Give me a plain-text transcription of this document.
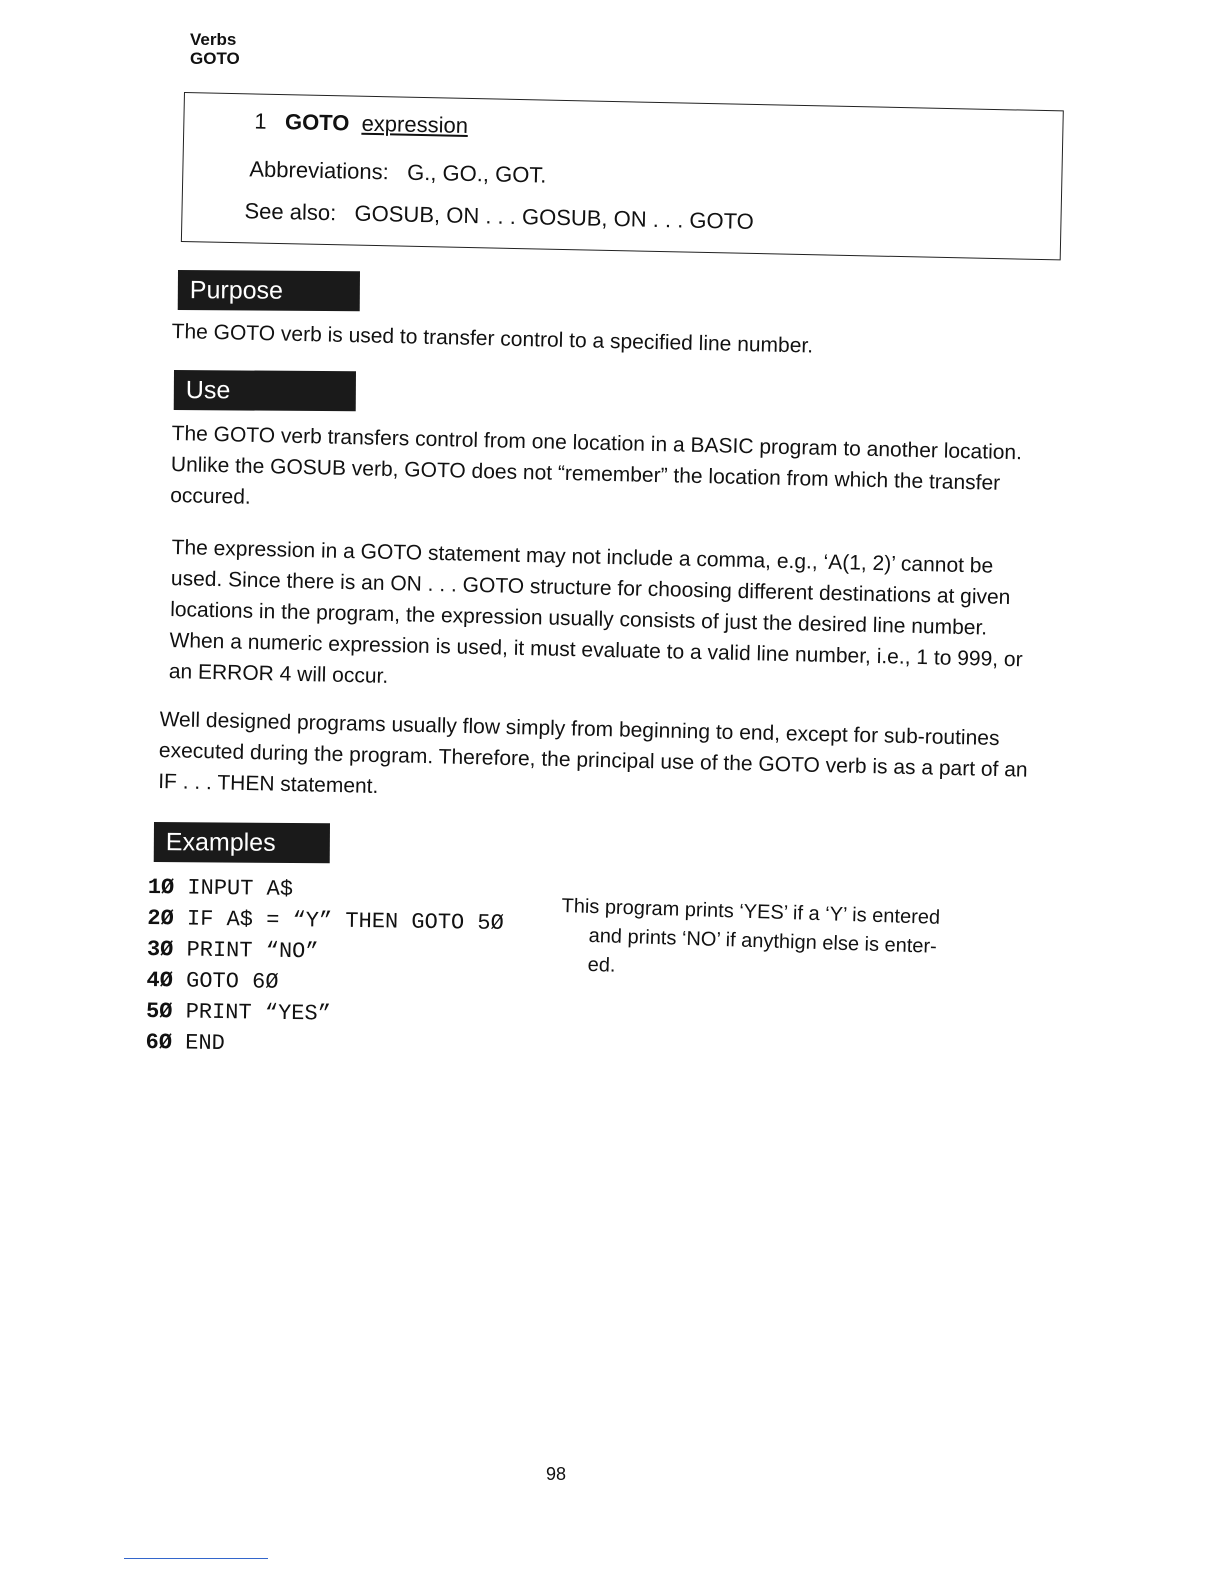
Verbs
GOTO
1 GOTO expression
Abbreviations: G., GO., GOT.
See also: GOSUB, ON . . . GOSUB, ON . . . GOTO
Purpose

The GOTO verb is used to transfer control to a specified line number.

Use

The GOTO verb transfers control from one location in a BASIC program to another location. Unlike the GOSUB verb, GOTO does not “remember” the location from which the transfer occured.

The expression in a GOTO statement may not include a comma, e.g., ‘A(1, 2)’ cannot be used. Since there is an ON . . . GOTO structure for choosing different destinations at given locations in the program, the expression usually consists of just the desired line number. When a numeric expression is used, it must evaluate to a valid line number, i.e., 1 to 999, or an ERROR 4 will occur.

Well designed programs usually flow simply from beginning to end, except for sub-routines executed during the program. Therefore, the principal use of the GOTO verb is as a part of an IF . . . THEN statement.

Examples
1Ø INPUT A$
2Ø IF A$ = “Y” THEN GOTO 5Ø
3Ø PRINT “NO”
4Ø GOTO 6Ø
5Ø PRINT “YES”
6Ø END
This program prints ‘YES’ if a ‘Y’ is entered
and prints ‘NO’ if anythign else is enter-
ed.
98
